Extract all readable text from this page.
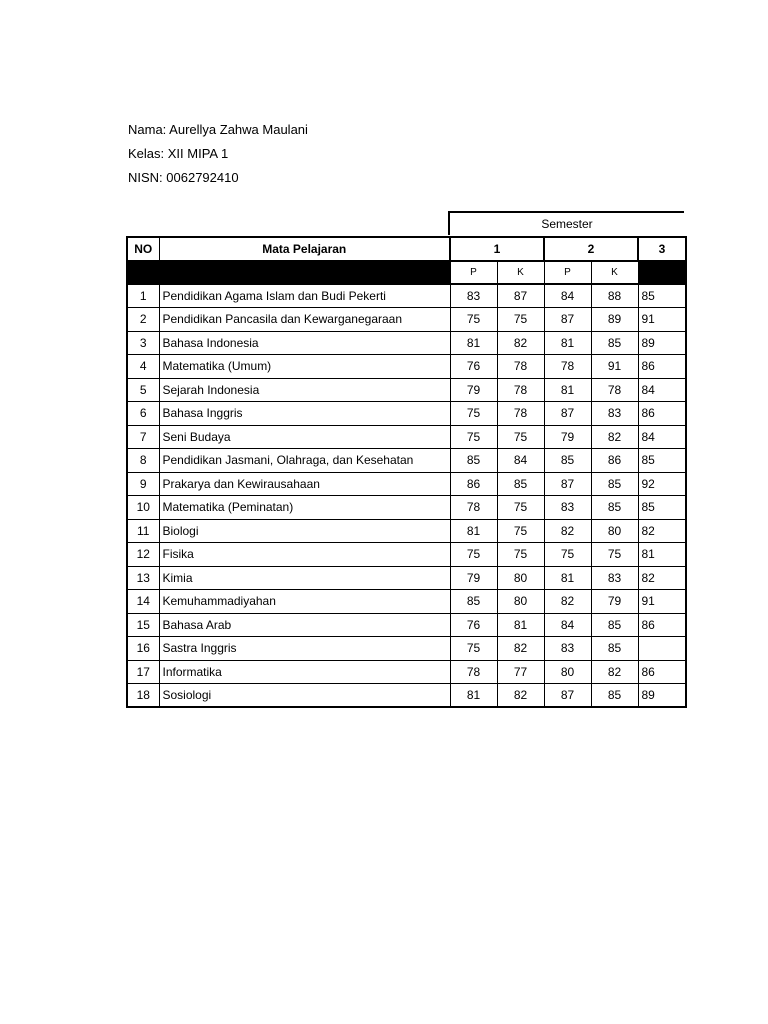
Nama: Aurellya Zahwa Maulani
Kelas: XII MIPA 1
NISN: 0062792410
Semester
NO	Mata Pelajaran	1		2		3
		P	K	P	K	
1	Pendidikan Agama Islam dan Budi Pekerti	83	87	84	88	85
2	Pendidikan Pancasila dan Kewarganegaraan	75	75	87	89	91
3	Bahasa Indonesia	81	82	81	85	89
4	Matematika (Umum)	76	78	78	91	86
5	Sejarah Indonesia	79	78	81	78	84
6	Bahasa Inggris	75	78	87	83	86
7	Seni Budaya	75	75	79	82	84
8	Pendidikan Jasmani, Olahraga, dan Kesehatan	85	84	85	86	85
9	Prakarya dan Kewirausahaan	86	85	87	85	92
10	Matematika (Peminatan)	78	75	83	85	85
11	Biologi	81	75	82	80	82
12	Fisika	75	75	75	75	81
13	Kimia	79	80	81	83	82
14	Kemuhammadiyahan	85	80	82	79	91
15	Bahasa Arab	76	81	84	85	86
16	Sastra Inggris	75	82	83	85	
17	Informatika	78	77	80	82	86
18	Sosiologi	81	82	87	85	89
